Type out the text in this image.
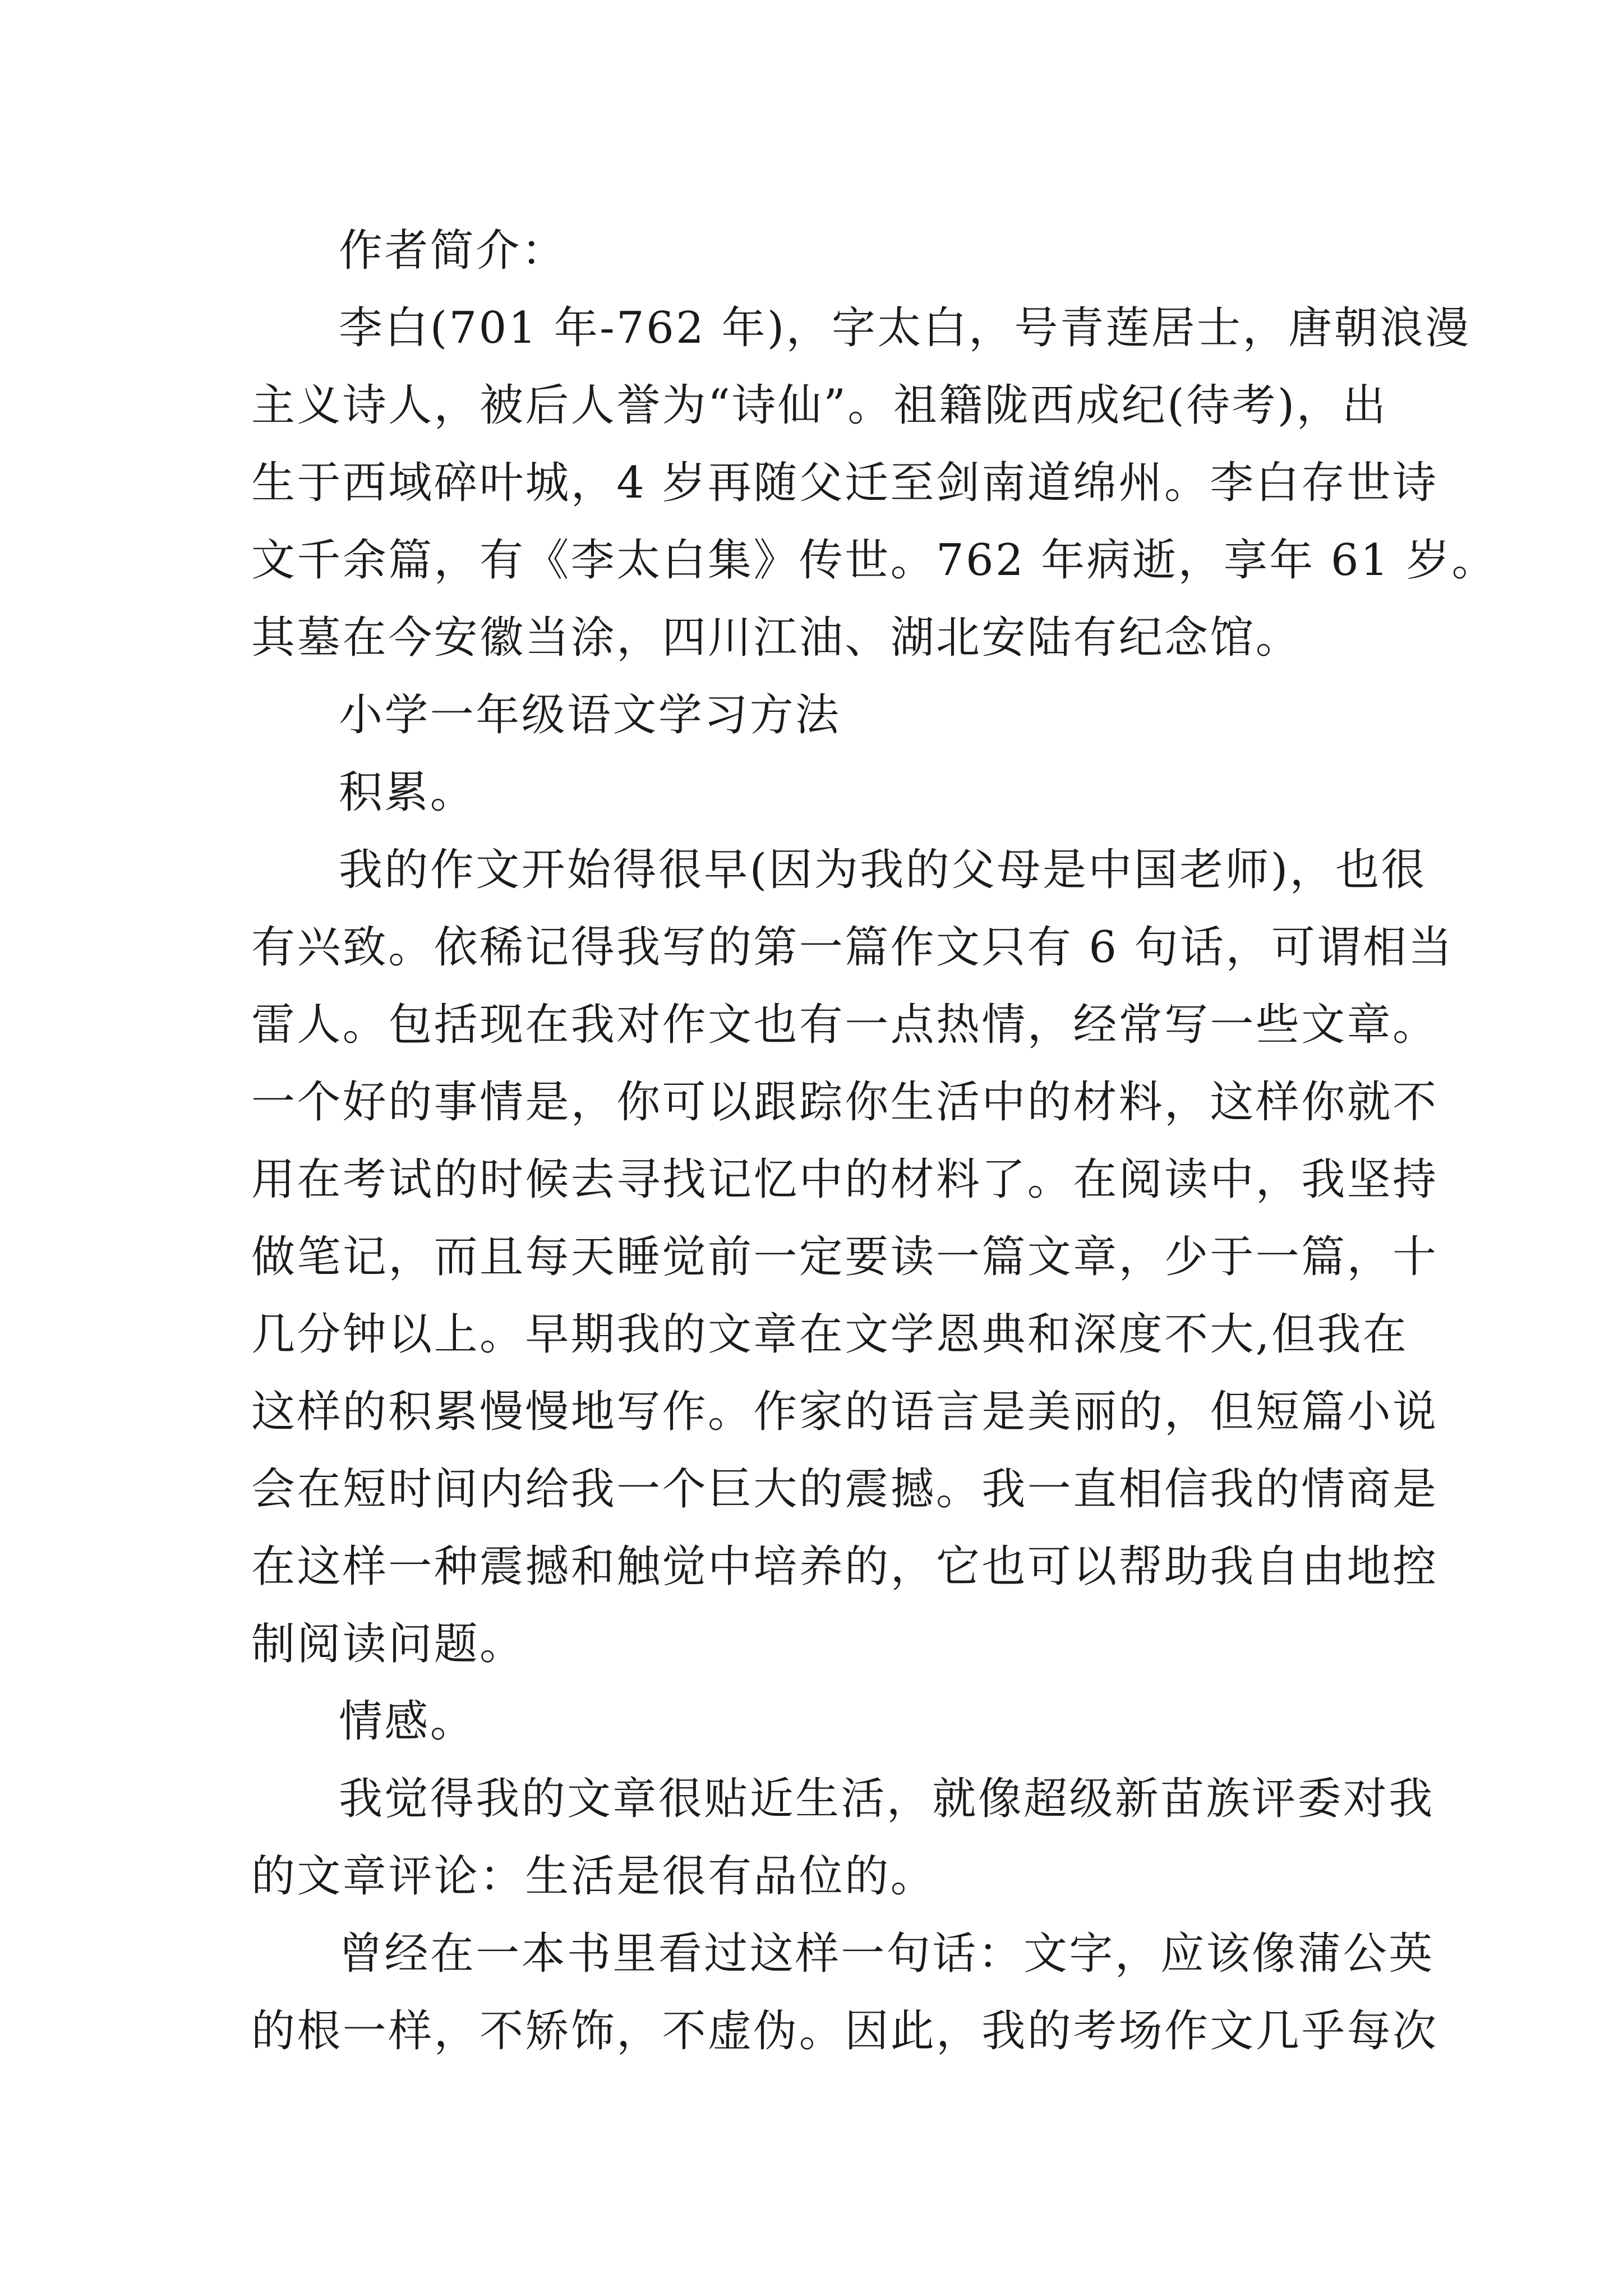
作者简介：
李白(701 年-762 年)，字太白，号青莲居士，唐朝浪漫
主义诗人，被后人誉为“诗仙”。祖籍陇西成纪(待考)，出
生于西域碎叶城，4 岁再随父迁至剑南道绵州。李白存世诗
文千余篇，有《李太白集》传世。762 年病逝，享年 61 岁。
其墓在今安徽当涂，四川江油、湖北安陆有纪念馆。
小学一年级语文学习方法
积累。
我的作文开始得很早(因为我的父母是中国老师)，也很
有兴致。依稀记得我写的第一篇作文只有 6 句话，可谓相当
雷人。包括现在我对作文也有一点热情，经常写一些文章。
一个好的事情是，你可以跟踪你生活中的材料，这样你就不
用在考试的时候去寻找记忆中的材料了。在阅读中，我坚持
做笔记，而且每天睡觉前一定要读一篇文章，少于一篇，十
几分钟以上。早期我的文章在文学恩典和深度不大,但我在
这样的积累慢慢地写作。作家的语言是美丽的，但短篇小说
会在短时间内给我一个巨大的震撼。我一直相信我的情商是
在这样一种震撼和触觉中培养的，它也可以帮助我自由地控
制阅读问题。
情感。
我觉得我的文章很贴近生活，就像超级新苗族评委对我
的文章评论：生活是很有品位的。
曾经在一本书里看过这样一句话：文字，应该像蒲公英
的根一样，不矫饰，不虚伪。因此，我的考场作文几乎每次
